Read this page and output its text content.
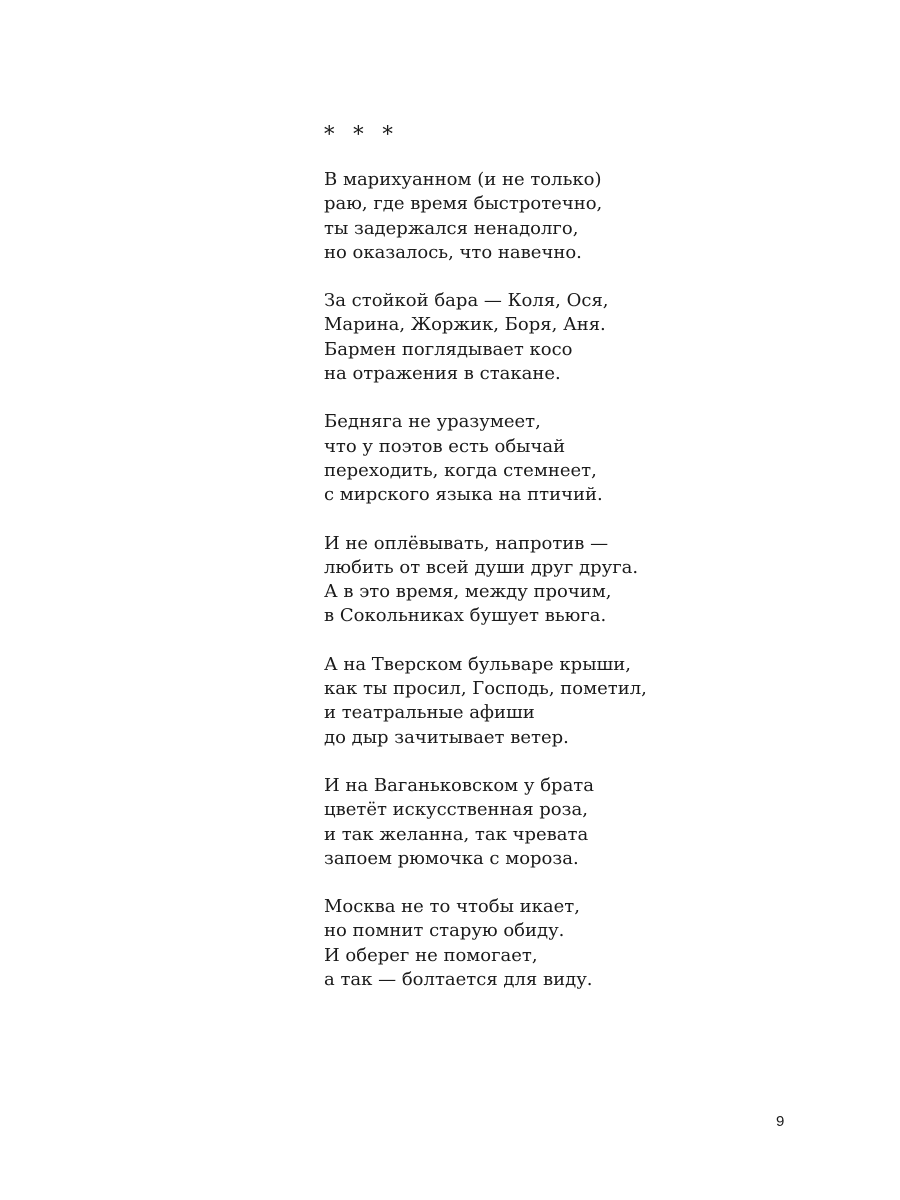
* * *
В марихуанном (и не только)
раю, где время быстротечно,
ты задержался ненадолго,
но оказалось, что навечно.
За стойкой бара — Коля, Ося,
Марина, Жоржик, Боря, Аня.
Бармен поглядывает косо
на отражения в стакане.
Бедняга не уразумеет,
что у поэтов есть обычай
переходить, когда стемнеет,
с мирского языка на птичий.
И не оплёвывать, напротив —
любить от всей души друг друга.
А в это время, между прочим,
в Сокольниках бушует вьюга.
А на Тверском бульваре крыши,
как ты просил, Господь, пометил,
и театральные афиши
до дыр зачитывает ветер.
И на Ваганьковском у брата
цветёт искусственная роза,
и так желанна, так чревата
запоем рюмочка с мороза.
Москва не то чтобы икает,
но помнит старую обиду.
И оберег не помогает,
а так — болтается для виду.
9
